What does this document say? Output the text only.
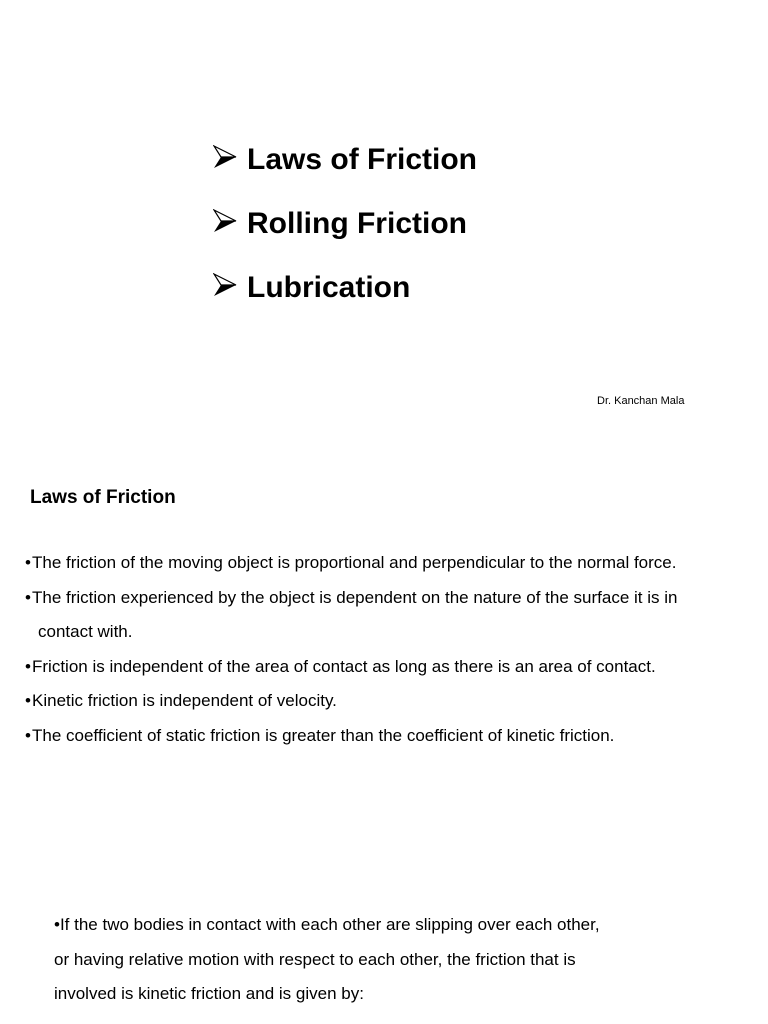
Laws of Friction
Rolling Friction
Lubrication
Dr. Kanchan Mala
Laws of Friction
• The friction of the moving object is proportional and perpendicular to the normal force.
• The friction experienced by the object is dependent on the nature of the surface it is in
contact with.
• Friction is independent of the area of contact as long as there is an area of contact.
• Kinetic friction is independent of velocity.
• The coefficient of static friction is greater than the coefficient of kinetic friction.

•If the two bodies in contact with each other are slipping over each other,
or having relative motion with respect to each other, the friction that is
involved is kinetic friction and is given by:
